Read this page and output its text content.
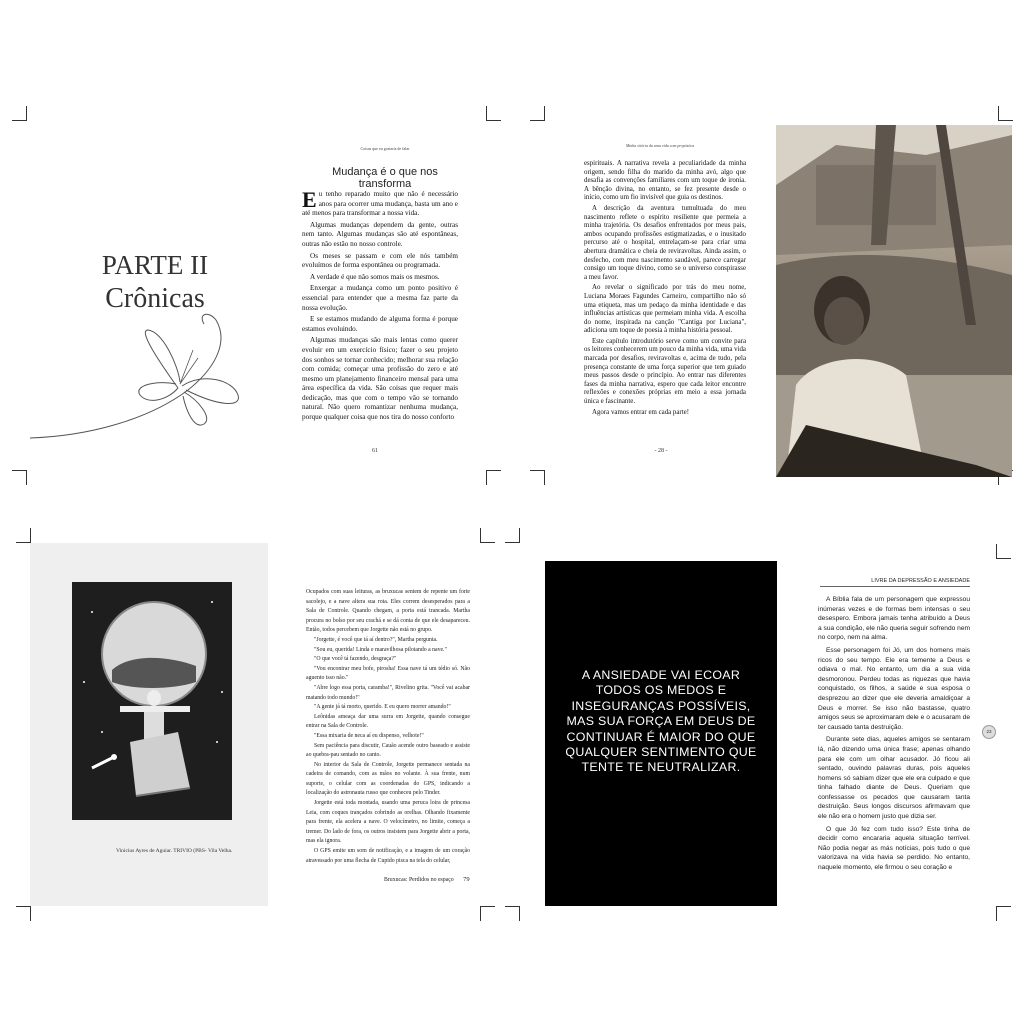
PARTE II
Crônicas
Coisas que eu gostaria de falar
Mudança é o que nos transforma

Eu tenho reparado muito que não é necessário anos para ocorrer uma mudança, basta um ano e até menos para transformar a nossa vida.

Algumas mudanças dependem da gente, outras nem tanto. Algumas mudanças são até espontâneas, outras não estão no nosso controle.

Os meses se passam e com ele nós também evoluímos de forma espontânea ou programada.

A verdade é que não somos mais os mesmos.

Enxergar a mudança como um ponto positivo é essencial para entender que a mesma faz parte da nossa evolução.

E se estamos mudando de alguma forma é porque estamos evoluindo.

Algumas mudanças são mais lentas como querer evoluir em um exercício físico; fazer o seu projeto dos sonhos se tornar conhecido; melhorar sua relação com comida; começar uma profissão do zero e até mesmo um planejamento financeiro mensal para uma área específica da vida. São coisas que requer mais dedicação, mas que com o tempo vão se tornando natural. Não quero romantizar nenhuma mudança, porque qualquer coisa que nos tira do nosso conforto

61
Minha vitória da uma vida com propósitos

espirituais. A narrativa revela a peculiaridade da minha origem, sendo filha do marido da minha avó, algo que desafia as convenções familiares com um toque de ironia. A bênção divina, no entanto, se fez presente desde o início, como um fio invisível que guia os destinos.

A descrição da aventura tumultuada do meu nascimento reflete o espírito resiliente que permeia a minha trajetória. Os desafios enfrentados por meus pais, ambos ocupando profissões estigmatizadas, e o inusitado percurso até o hospital, entrelaçam-se para criar uma abertura dramática e cheia de reviravoltas. Ainda assim, o desfecho, com meu nascimento saudável, parece carregar consigo um toque divino, como se o universo conspirasse a meu favor.

Ao revelar o significado por trás do meu nome, Luciana Moraes Fagundes Carneiro, compartilho não só uma etiqueta, mas um pedaço da minha identidade e das influências artísticas que permeiam minha vida. A escolha do nome, inspirada na canção "Cantiga por Luciana", adiciona um toque de poesia à minha história pessoal.

Este capítulo introdutório serve como um convite para os leitores conhecerem um pouco da minha vida, uma vida marcada por desafios, reviravoltas e, acima de tudo, pela presença constante de uma força superior que tem guiado meus passos desde o princípio. Ao entrar nas diferentes fases da minha narrativa, espero que cada leitor encontre reflexões e conexões próprias em meio a essa jornada única e fascinante.

Agora vamos entrar em cada parte!

- 28 -
Vinicius Ayres de Aguiar. TRIVIO (PBS- Vila Velha.

Ocupados com suas leituras, as bruxucas sentem de repente um forte sacolejo, e a nave altera sua rota. Eles correm desesperados para a Sala de Controle. Quando chegam, a porta está trancada. Martha procura no bolso por seu crachá e se dá conta de que ele desapareceu. Então, todos percebem que Jorgette não está no grupo.

"Jorgette, é você que tá aí dentro?", Martha pergunta.

"Sou eu, querida! Linda e maravilhosa pilotando a nave."

"O que você tá fazendo, desgraça?"

"Vou encontrar meu bofe, pirosha! Essa nave tá um tédio só. Não aguento isso não."

"Abre logo essa porta, caramba!", Rivelino grita. "Você vai acabar matando todo mundo!"

"A gente já tá morto, querido. E eu quero morrer amando!"

Leônidas ameaça dar uma surra em Jorgette, quando consegue entrar na Sala de Controle.

"Essa mixaria de neca aí eu dispenso, velhote!"

Sem paciência para discutir, Cauão acende outro baseado e assiste ao quebra-pau sentado no canto.

No interior da Sala de Controle, Jorgette permanece sentada na cadeira de comando, com as mãos no volante. À sua frente, num suporte, o celular com as coordenadas do GPS, indicando a localização do astronauta russo que conheceu pelo Tinder.

Jorgette está toda montada, usando uma peruca loira de princesa Leia, com coques trançados cobrindo as orelhas. Olhando fixamente para frente, ela acelera a nave. O velocímetro, no limite, começa a tremer. Do lado de fora, os outros insistem para Jorgette abrir a porta, mas ela ignora.

O GPS emite um som de notificação, e a imagem de um coração atravessado por uma flecha de Cupido pisca na tela do celular,

Bruxucas: Perdidos no espaço 79
A ANSIEDADE VAI ECOAR TODOS OS MEDOS E INSEGURANÇAS POSSÍVEIS, MAS SUA FORÇA EM DEUS DE CONTINUAR É MAIOR DO QUE QUALQUER SENTIMENTO QUE TENTE TE NEUTRALIZAR.
LIVRE DA DEPRESSÃO E ANSIEDADE

A Bíblia fala de um personagem que expressou inúmeras vezes e de formas bem intensas o seu desespero. Embora jamais tenha atribuído a Deus a sua condição, ele não queria seguir sofrendo nem no corpo, nem na alma.

Esse personagem foi Jó, um dos homens mais ricos do seu tempo. Ele era temente a Deus e odiava o mal. No entanto, um dia a sua vida desmoronou. Perdeu todas as riquezas que havia conquistado, os filhos, a saúde e sua esposa o desprezou ao dizer que ele deveria amaldiçoar a Deus e morrer. Se isso não bastasse, quatro amigos seus se aproximaram dele e o acusaram de ter causado tanta destruição.

Durante sete dias, aqueles amigos se sentaram lá, não dizendo uma única frase; apenas olhando para ele com um olhar acusador. Jó ficou ali sentado, ouvindo palavras duras, pois aqueles homens só sabiam dizer que ele era culpado e que tinha falhado diante de Deus. Queriam que confessasse os pecados que causaram tanta destruição. Seus longos discursos afirmavam que ele não era o homem justo que dizia ser.

O que Jó fez com tudo isso? Este tinha de decidir como encararia aquela situação terrível. Não podia negar as más notícias, pois tudo o que valorizava na vida havia se perdido. No entanto, naquele momento, ele firmou o seu coração e

23
